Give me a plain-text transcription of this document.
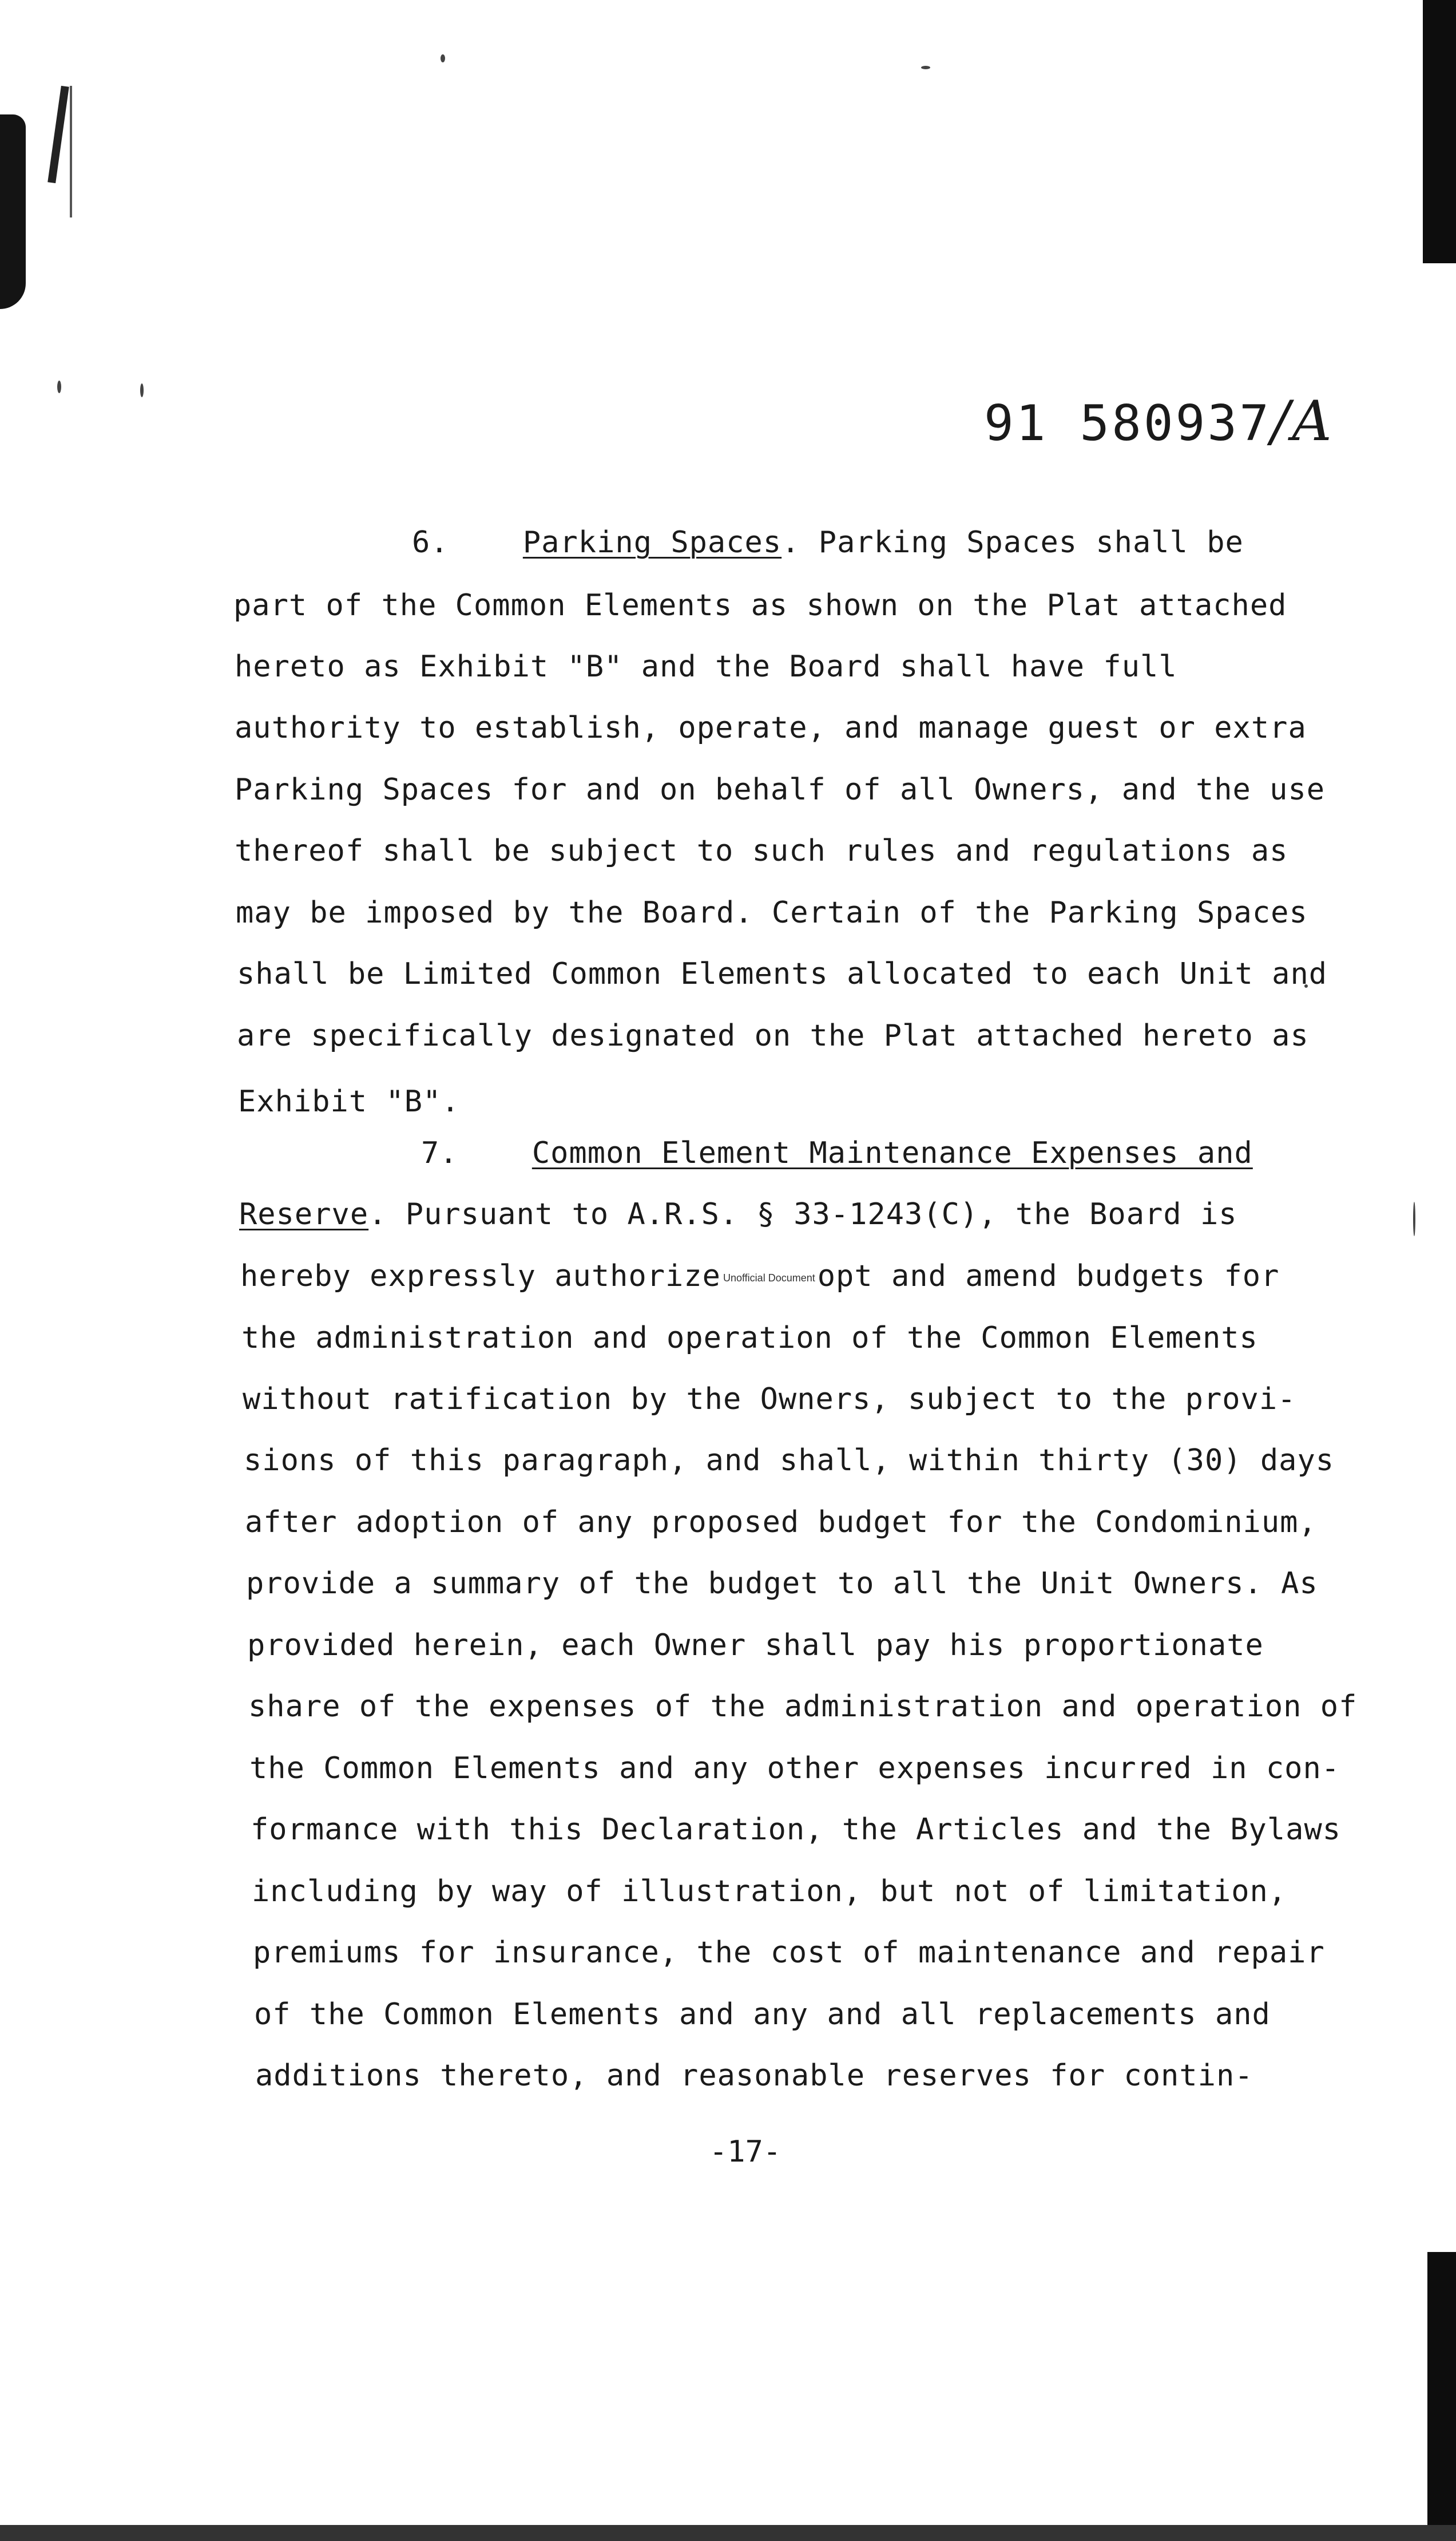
91 580937/A
6. Parking Spaces. Parking Spaces shall be
part of the Common Elements as shown on the Plat attached
hereto as Exhibit "B" and the Board shall have full
authority to establish, operate, and manage guest or extra
Parking Spaces for and on behalf of all Owners, and the use
thereof shall be subject to such rules and regulations as
may be imposed by the Board. Certain of the Parking Spaces
shall be Limited Common Elements allocated to each Unit and
are specifically designated on the Plat attached hereto as
Exhibit "B".
7. Common Element Maintenance Expenses and
Reserve. Pursuant to A.R.S. § 33-1243(C), the Board is
hereby expressly authorize Unofficial Documentopt and amend budgets for
the administration and operation of the Common Elements
without ratification by the Owners, subject to the provi-
sions of this paragraph, and shall, within thirty (30) days
after adoption of any proposed budget for the Condominium,
provide a summary of the budget to all the Unit Owners. As
provided herein, each Owner shall pay his proportionate
share of the expenses of the administration and operation of
the Common Elements and any other expenses incurred in con-
formance with this Declaration, the Articles and the Bylaws
including by way of illustration, but not of limitation,
premiums for insurance, the cost of maintenance and repair
of the Common Elements and any and all replacements and
additions thereto, and reasonable reserves for contin-
-17-
